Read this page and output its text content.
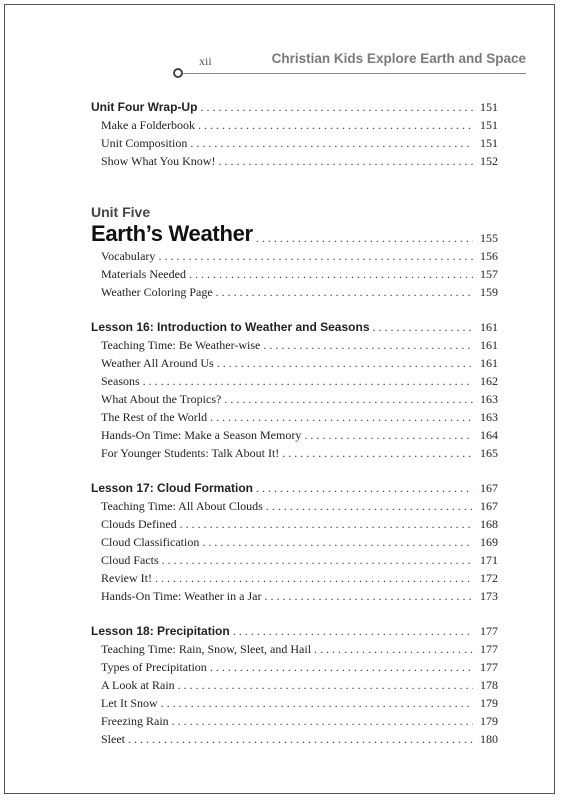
xii	Christian Kids Explore Earth and Space
Unit Four Wrap-Up . . .	151
Make a Folderbook . . .	151
Unit Composition . . .	151
Show What You Know! . . .	152
Unit Five
Earth’s Weather . . .	155
Vocabulary . . .	156
Materials Needed . . .	157
Weather Coloring Page . . .	159
Lesson 16: Introduction to Weather and Seasons . . .	161
Teaching Time: Be Weather-wise . . .	161
Weather All Around Us . . .	161
Seasons . . .	162
What About the Tropics? . . .	163
The Rest of the World . . .	163
Hands-On Time: Make a Season Memory . . .	164
For Younger Students: Talk About It! . . .	165
Lesson 17: Cloud Formation . . .	167
Teaching Time: All About Clouds . . .	167
Clouds Defined . . .	168
Cloud Classification . . .	169
Cloud Facts . . .	171
Review It! . . .	172
Hands-On Time: Weather in a Jar . . .	173
Lesson 18: Precipitation . . .	177
Teaching Time: Rain, Snow, Sleet, and Hail . . .	177
Types of Precipitation . . .	177
A Look at Rain . . .	178
Let It Snow . . .	179
Freezing Rain . . .	179
Sleet . . .	180
